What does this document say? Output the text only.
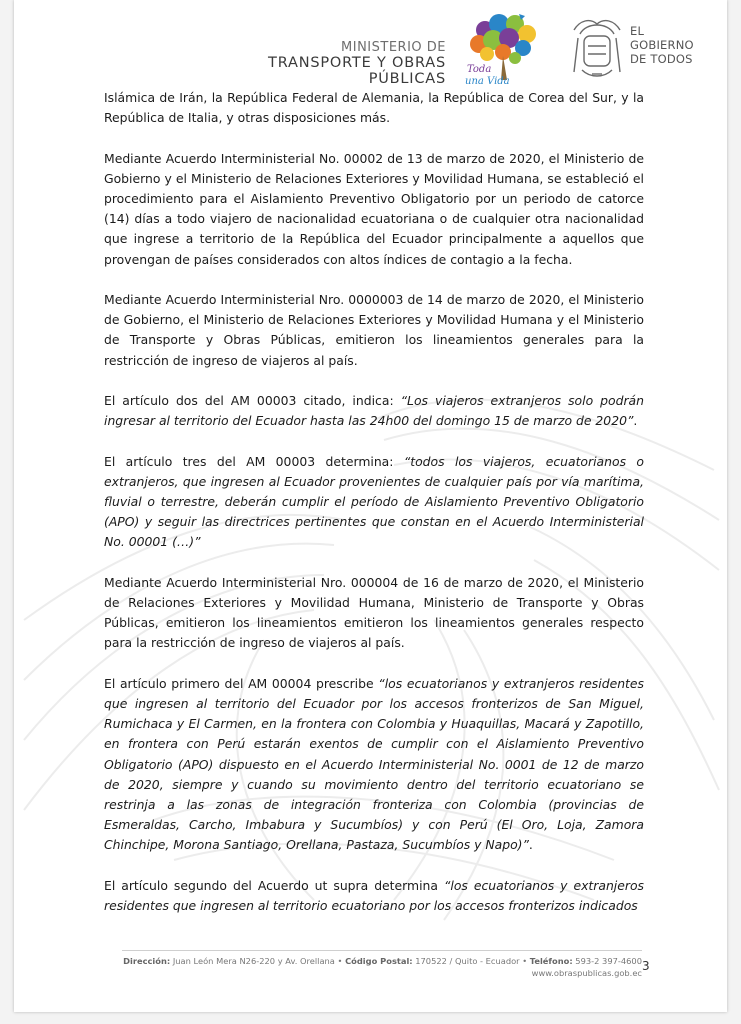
MINISTERIO DE
TRANSPORTE Y OBRAS PÚBLICAS
Toda
una Vida
EL
GOBIERNO
DE TODOS

Islámica de Irán, la República Federal de Alemania, la República de Corea del Sur, y la República de Italia, y otras disposiciones más.

Mediante Acuerdo Interministerial No. 00002 de 13 de marzo de 2020, el Ministerio de Gobierno y el Ministerio de Relaciones Exteriores y Movilidad Humana, se estableció el procedimiento para el Aislamiento Preventivo Obligatorio por un periodo de catorce (14) días a todo viajero de nacionalidad ecuatoriana o de cualquier otra nacionalidad que ingrese a territorio de la República del Ecuador principalmente a aquellos que provengan de países considerados con altos índices de contagio a la fecha.

Mediante Acuerdo Interministerial Nro. 0000003 de 14 de marzo de 2020, el Ministerio de Gobierno, el Ministerio de Relaciones Exteriores y Movilidad Humana y el Ministerio de Transporte y Obras Públicas, emitieron los lineamientos generales para la restricción de ingreso de viajeros al país.

El artículo dos del AM 00003 citado, indica: “Los viajeros extranjeros solo podrán ingresar al territorio del Ecuador hasta las 24h00 del domingo 15 de marzo de 2020”.

El artículo tres del AM 00003 determina: “todos los viajeros, ecuatorianos o extranjeros, que ingresen al Ecuador provenientes de cualquier país por vía marítima, fluvial o terrestre, deberán cumplir el período de Aislamiento Preventivo Obligatorio (APO) y seguir las directrices pertinentes que constan en el Acuerdo Interministerial No. 00001 (…)”

Mediante Acuerdo Interministerial Nro. 000004 de 16 de marzo de 2020, el Ministerio de Relaciones Exteriores y Movilidad Humana, Ministerio de Transporte y Obras Públicas, emitieron los lineamientos emitieron los lineamientos generales respecto para la restricción de ingreso de viajeros al país.

El artículo primero del AM 00004 prescribe “los ecuatorianos y extranjeros residentes que ingresen al territorio del Ecuador por los accesos fronterizos de San Miguel, Rumichaca y El Carmen, en la frontera con Colombia y Huaquillas, Macará y Zapotillo, en frontera con Perú estarán exentos de cumplir con el Aislamiento Preventivo Obligatorio (APO) dispuesto en el Acuerdo Interministerial No. 0001 de 12 de marzo de 2020, siempre y cuando su movimiento dentro del territorio ecuatoriano se restrinja a las zonas de integración fronteriza con Colombia (provincias de Esmeraldas, Carcho, Imbabura y Sucumbíos) y con Perú (El Oro, Loja, Zamora Chinchipe, Morona Santiago, Orellana, Pastaza, Sucumbíos y Napo)”.

El artículo segundo del Acuerdo ut supra determina “los ecuatorianos y extranjeros residentes que ingresen al territorio ecuatoriano por los accesos fronterizos indicados

Dirección: Juan León Mera N26-220 y Av. Orellana • Código Postal: 170522 / Quito - Ecuador • Teléfono: 593-2 397-4600
www.obraspublicas.gob.ec 3
